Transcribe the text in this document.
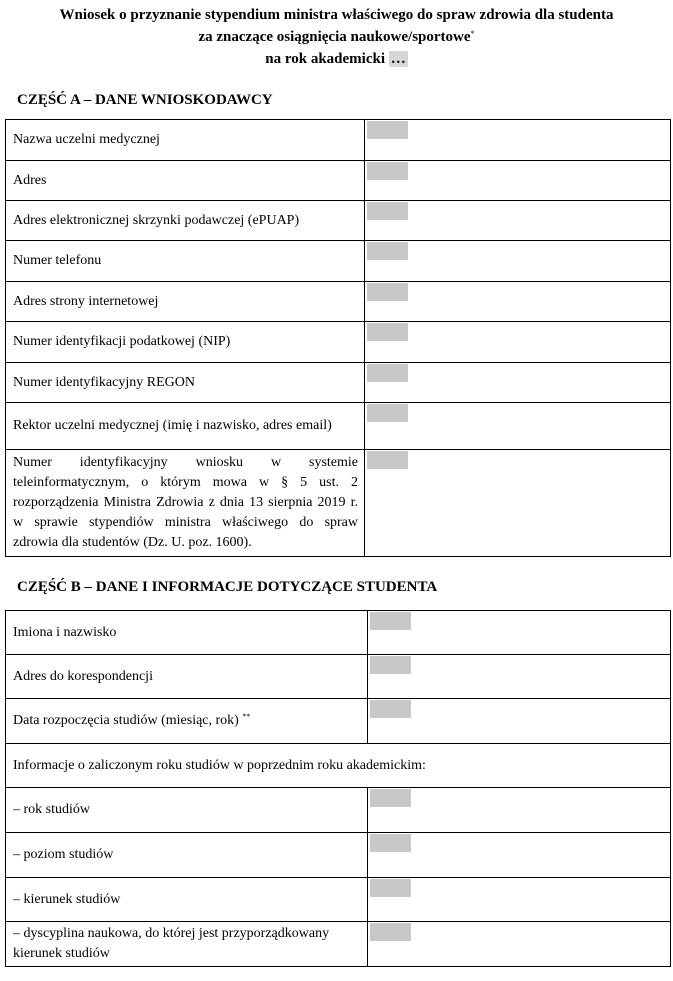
Wniosek o przyznanie stypendium ministra właściwego do spraw zdrowia dla studenta
za znaczące osiągnięcia naukowe/sportowe*
na rok akademicki …
CZĘŚĆ A – DANE WNIOSKODAWCY
Nazwa uczelni medycznej	

Adres	

Adres elektronicznej skrzynki podawczej (ePUAP)	

Numer telefonu	

Adres strony internetowej	

Numer identyfikacji podatkowej (NIP)	

Numer identyfikacyjny REGON	

Rektor uczelni medycznej (imię i nazwisko, adres email)	

Numer identyfikacyjny wniosku w systemie teleinformatycznym, o którym mowa w § 5 ust. 2 rozporządzenia Ministra Zdrowia z dnia 13 sierpnia 2019 r. w sprawie stypendiów ministra właściwego do spraw zdrowia dla studentów (Dz. U. poz. 1600).	
CZĘŚĆ B – DANE I INFORMACJE DOTYCZĄCE STUDENTA
Imiona i nazwisko	

Adres do korespondencji	

Data rozpoczęcia studiów (miesiąc, rok) **	

Informacje o zaliczonym roku studiów w poprzednim roku akademickim:	
– rok studiów	

– poziom studiów	

– kierunek studiów	

– dyscyplina naukowa, do której jest przyporządkowany kierunek studiów	
